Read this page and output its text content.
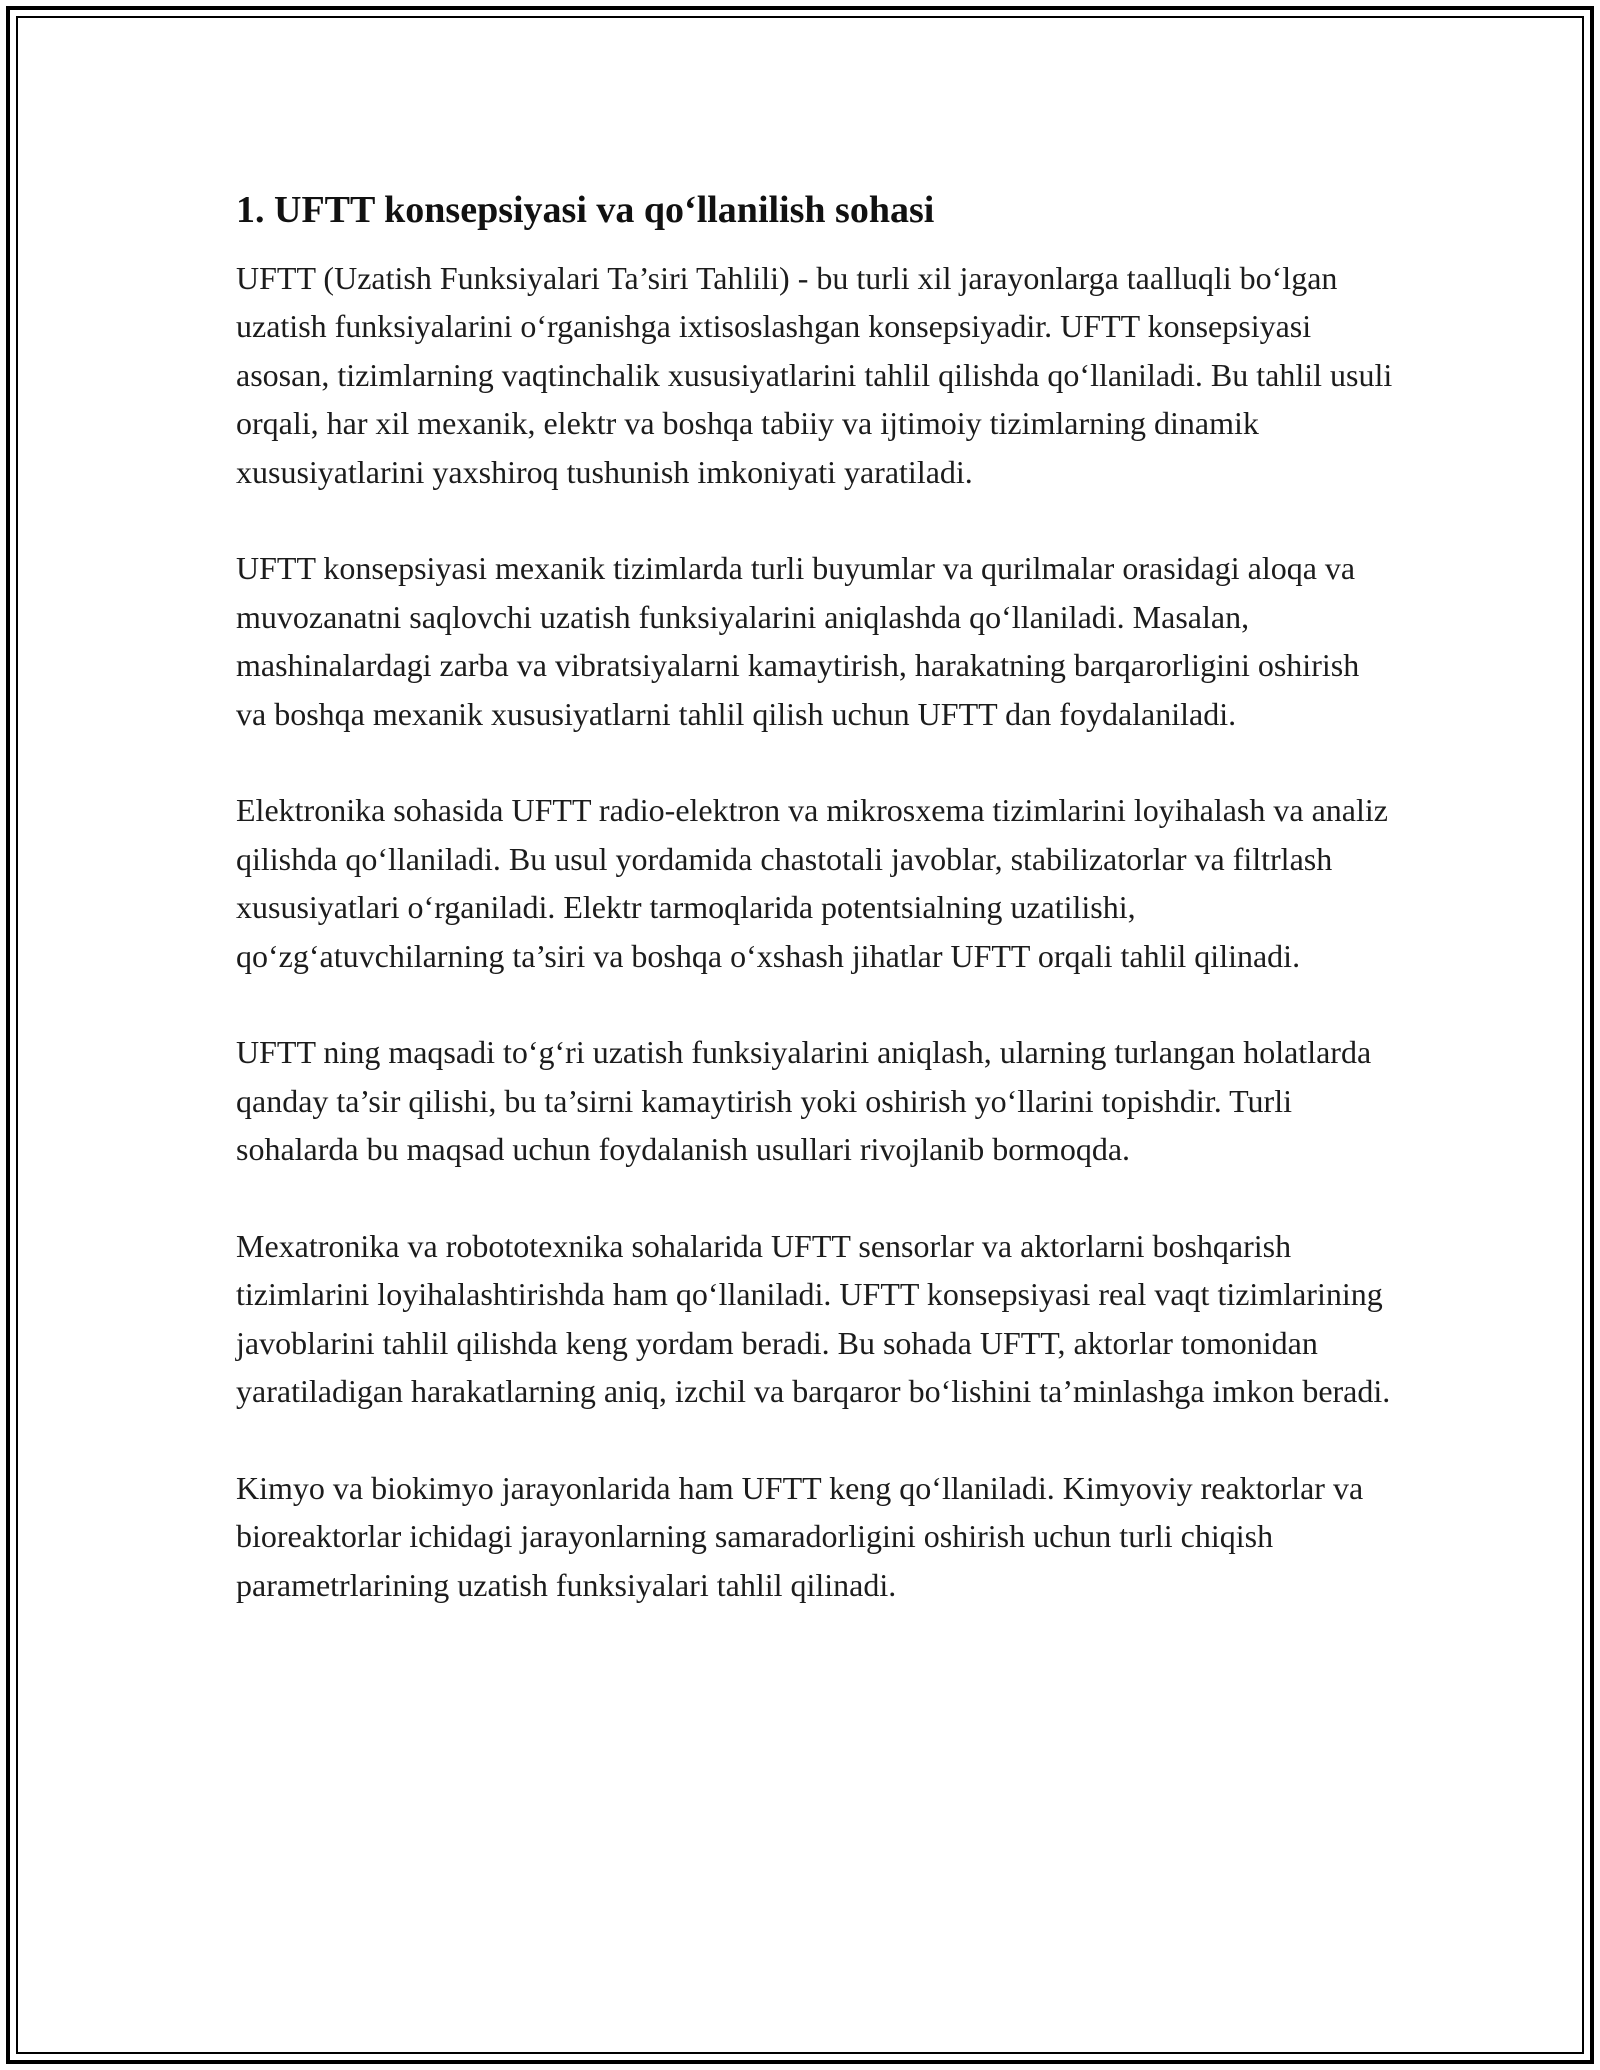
1. UFTT konsepsiyasi va qo‘llanilish sohasi

UFTT (Uzatish Funksiyalari Ta’siri Tahlili) - bu turli xil jarayonlarga taalluqli bo‘lgan uzatish funksiyalarini o‘rganishga ixtisoslashgan konsepsiyadir. UFTT konsepsiyasi asosan, tizimlarning vaqtinchalik xususiyatlarini tahlil qilishda qo‘llaniladi. Bu tahlil usuli orqali, har xil mexanik, elektr va boshqa tabiiy va ijtimoiy tizimlarning dinamik xususiyatlarini yaxshiroq tushunish imkoniyati yaratiladi.

UFTT konsepsiyasi mexanik tizimlarda turli buyumlar va qurilmalar orasidagi aloqa va muvozanatni saqlovchi uzatish funksiyalarini aniqlashda qo‘llaniladi. Masalan, mashinalardagi zarba va vibratsiyalarni kamaytirish, harakatning barqarorligini oshirish va boshqa mexanik xususiyatlarni tahlil qilish uchun UFTT dan foydalaniladi.

Elektronika sohasida UFTT radio-elektron va mikrosxema tizimlarini loyihalash va analiz qilishda qo‘llaniladi. Bu usul yordamida chastotali javoblar, stabilizatorlar va filtrlash xususiyatlari o‘rganiladi. Elektr tarmoqlarida potentsialning uzatilishi, qo‘zg‘atuvchilarning ta’siri va boshqa o‘xshash jihatlar UFTT orqali tahlil qilinadi.

UFTT ning maqsadi to‘g‘ri uzatish funksiyalarini aniqlash, ularning turlangan holatlarda qanday ta’sir qilishi, bu ta’sirni kamaytirish yoki oshirish yo‘llarini topishdir. Turli sohalarda bu maqsad uchun foydalanish usullari rivojlanib bormoqda.

Mexatronika va robototexnika sohalarida UFTT sensorlar va aktorlarni boshqarish tizimlarini loyihalashtirishda ham qo‘llaniladi. UFTT konsepsiyasi real vaqt tizimlarining javoblarini tahlil qilishda keng yordam beradi. Bu sohada UFTT, aktorlar tomonidan yaratiladigan harakatlarning aniq, izchil va barqaror bo‘lishini ta’minlashga imkon beradi.

Kimyo va biokimyo jarayonlarida ham UFTT keng qo‘llaniladi. Kimyoviy reaktorlar va bioreaktorlar ichidagi jarayonlarning samaradorligini oshirish uchun turli chiqish parametrlarining uzatish funksiyalari tahlil qilinadi.
